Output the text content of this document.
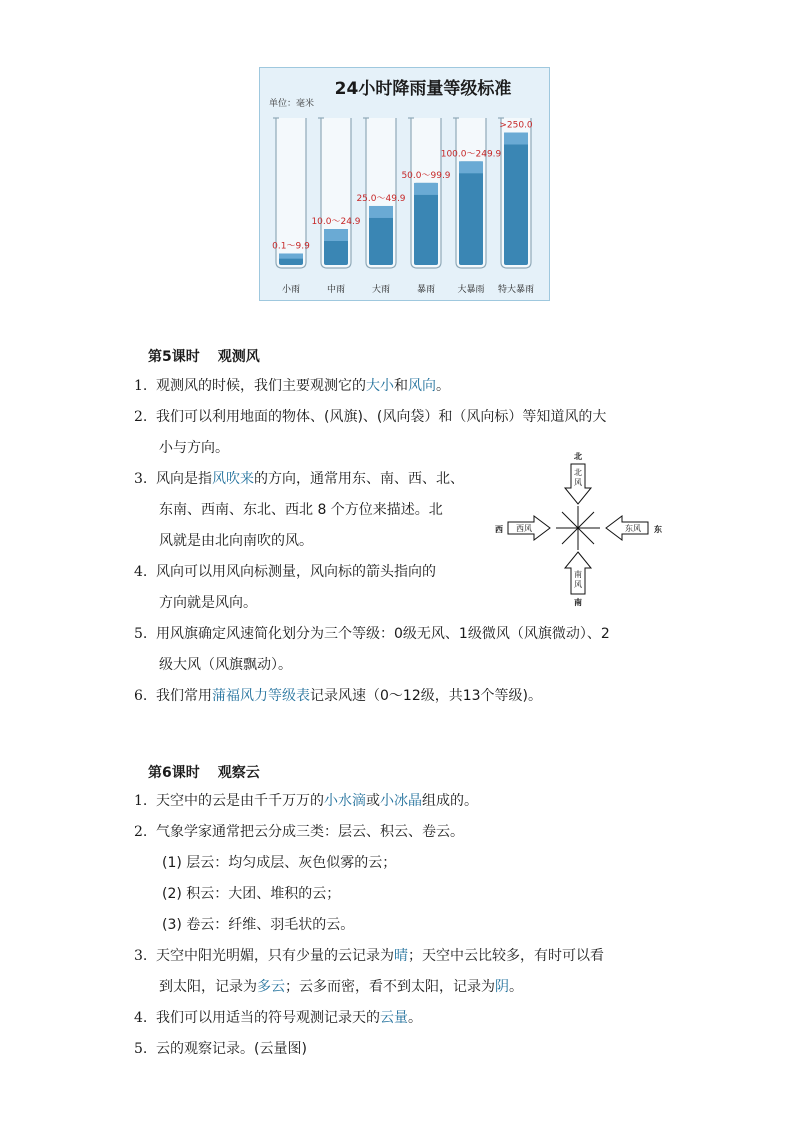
24小时降雨量等级标准
单位：毫米
0.1～9.9
小雨
10.0～24.9
中雨
25.0～49.9
大雨
50.0～99.9
暴雨
100.0～249.9
大暴雨
>250.0
特大暴雨
第5课时 观测风
1. 观测风的时候，我们主要观测它的大小和风向。
2. 我们可以利用地面的物体、(风旗)、(风向袋）和（风向标）等知道风的大
小与方向。
3. 风向是指风吹来的方向，通常用东、南、西、北、
东南、西南、东北、西北 8 个方位来描述。北
风就是由北向南吹的风。
4. 风向可以用风向标测量，风向标的箭头指向的
方向就是风向。
5. 用风旗确定风速简化划分为三个等级：0级无风、1级微风（风旗微动）、2
级大风（风旗飘动）。
6. 我们常用蒲福风力等级表记录风速（0～12级，共13个等级)。
北
北风
南
南风
西 西风	东
东风
第6课时 观察云
1. 天空中的云是由千千万万的小水滴或小冰晶组成的。
2. 气象学家通常把云分成三类：层云、积云、卷云。
(1) 层云：均匀成层、灰色似雾的云；
(2) 积云：大团、堆积的云；
(3) 卷云：纤维、羽毛状的云。
3. 天空中阳光明媚，只有少量的云记录为晴；天空中云比较多，有时可以看
到太阳，记录为多云；云多而密，看不到太阳，记录为阴。
4. 我们可以用适当的符号观测记录天的云量。
5. 云的观察记录。(云量图)
